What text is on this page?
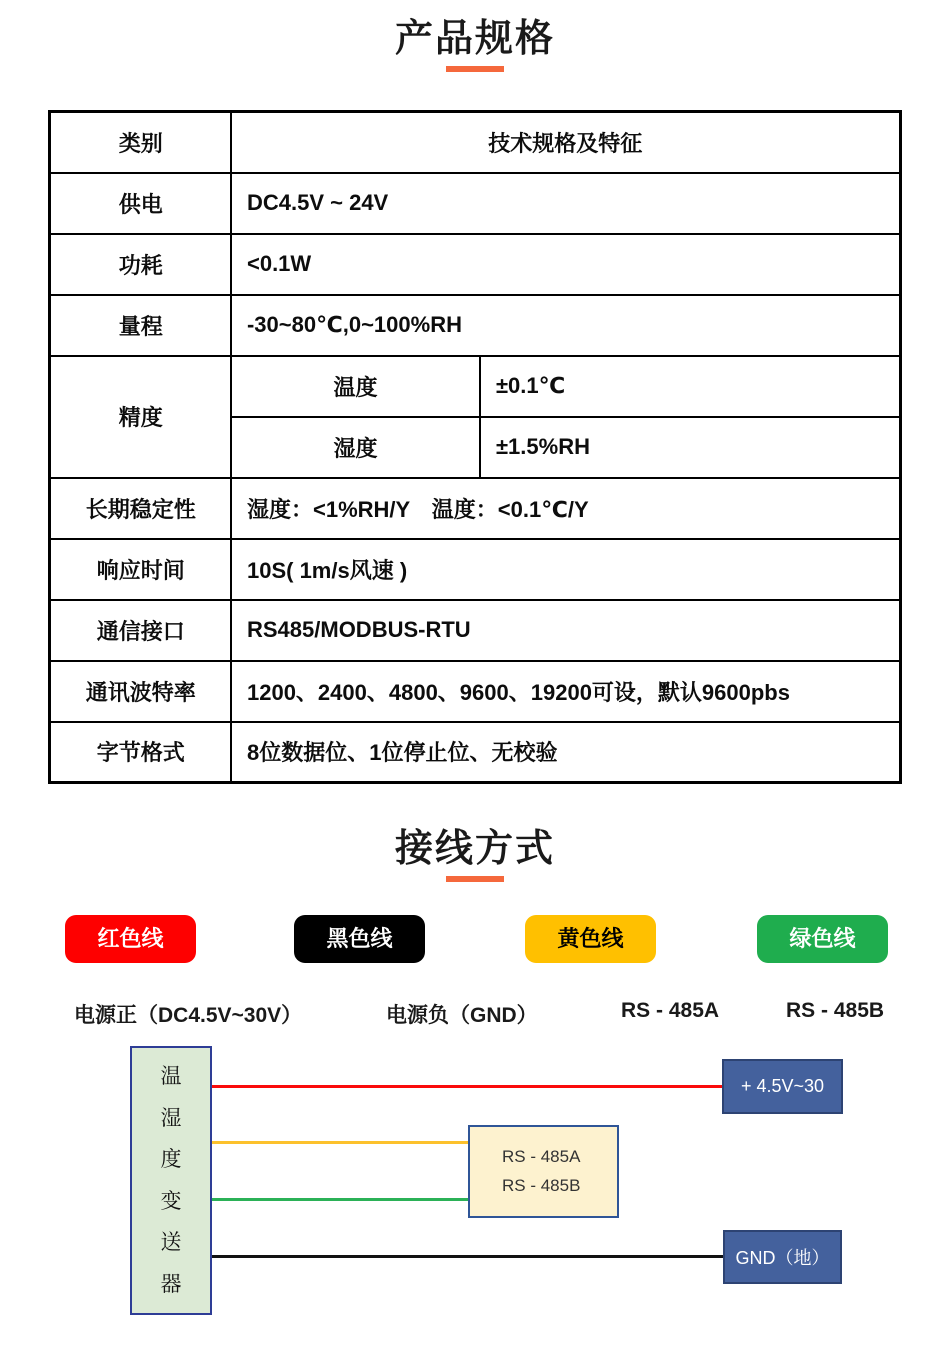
产品规格
类别	技术规格及特征	
供电	DC4.5V ~ 24V	
功耗	<0.1W	
量程	-30~80℃,0~100%RH	
精度	温度	±0.1℃
	湿度	±1.5%RH
长期稳定性	湿度：<1%RH/Y　温度：<0.1℃/Y	
响应时间	10S( 1m/s风速 )	
通信接口	RS485/MODBUS-RTU	
通讯波特率	1200、2400、4800、9600、19200可设，默认9600pbs	
字节格式	8位数据位、1位停止位、无校验	
接线方式
红色线	黑色线	黄色线	绿色线
电源正（DC4.5V~30V）	电源负（GND）	RS - 485A	RS - 485B
温
湿
度
变
送
器
+ 4.5V~30
RS - 485A
RS - 485B
GND（地）
